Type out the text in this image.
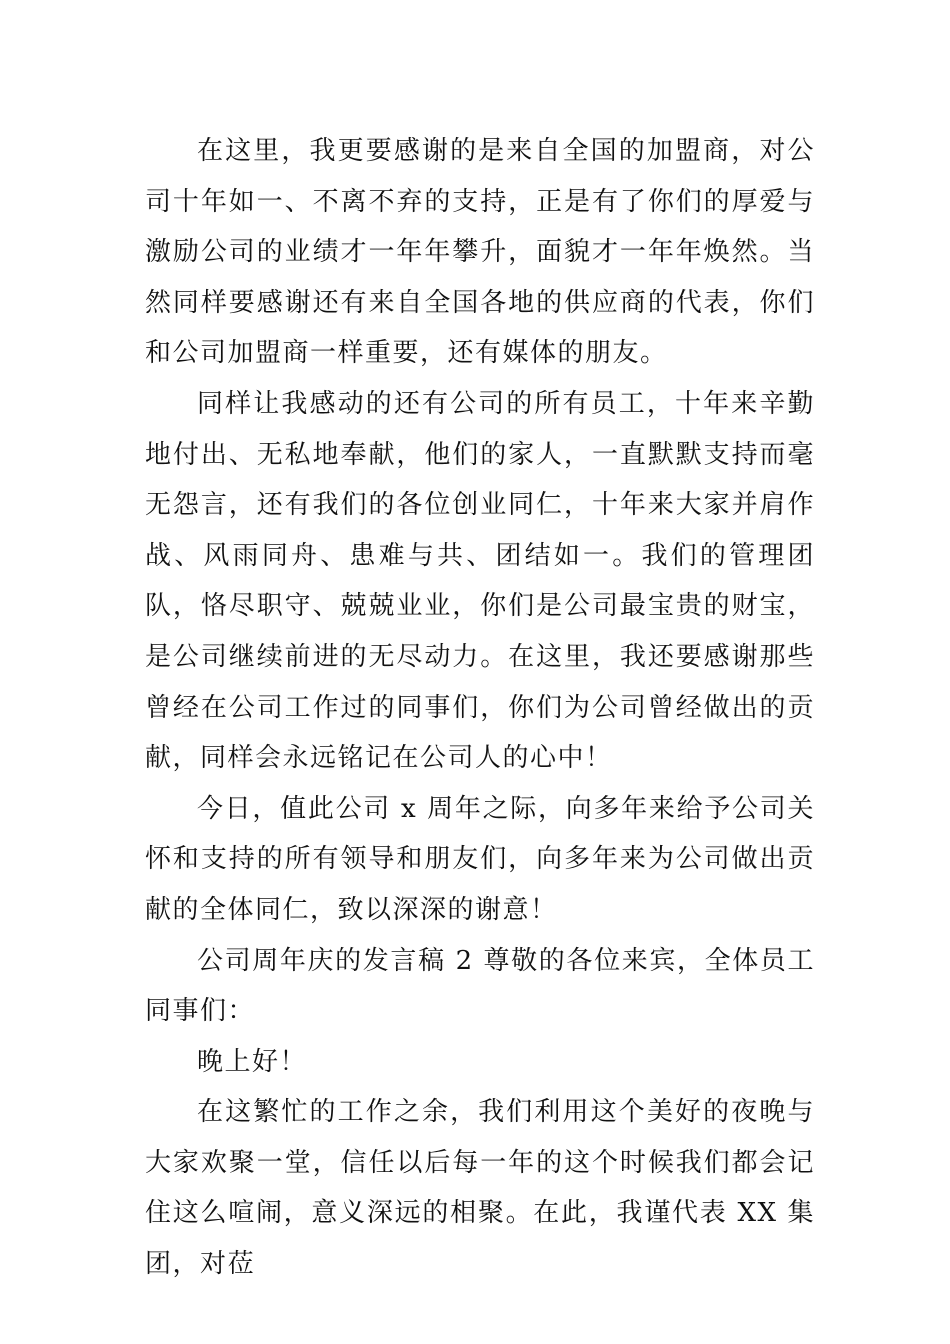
在这里，我更要感谢的是来自全国的加盟商，对公司十年如一、不离不弃的支持，正是有了你们的厚爱与激励公司的业绩才一年年攀升，面貌才一年年焕然。当然同样要感谢还有来自全国各地的供应商的代表，你们和公司加盟商一样重要，还有媒体的朋友。

同样让我感动的还有公司的所有员工，十年来辛勤地付出、无私地奉献，他们的家人，一直默默支持而毫无怨言，还有我们的各位创业同仁，十年来大家并肩作战、风雨同舟、患难与共、团结如一。我们的管理团队，恪尽职守、兢兢业业，你们是公司最宝贵的财宝，是公司继续前进的无尽动力。在这里，我还要感谢那些曾经在公司工作过的同事们，你们为公司曾经做出的贡献，同样会永远铭记在公司人的心中！

今日，值此公司 x 周年之际，向多年来给予公司关怀和支持的所有领导和朋友们，向多年来为公司做出贡献的全体同仁，致以深深的谢意！

公司周年庆的发言稿 2 尊敬的各位来宾，全体员工同事们：

晚上好！

在这繁忙的工作之余，我们利用这个美好的夜晚与大家欢聚一堂，信任以后每一年的这个时候我们都会记住这么喧闹，意义深远的相聚。在此，我谨代表 XX 集团，对莅
